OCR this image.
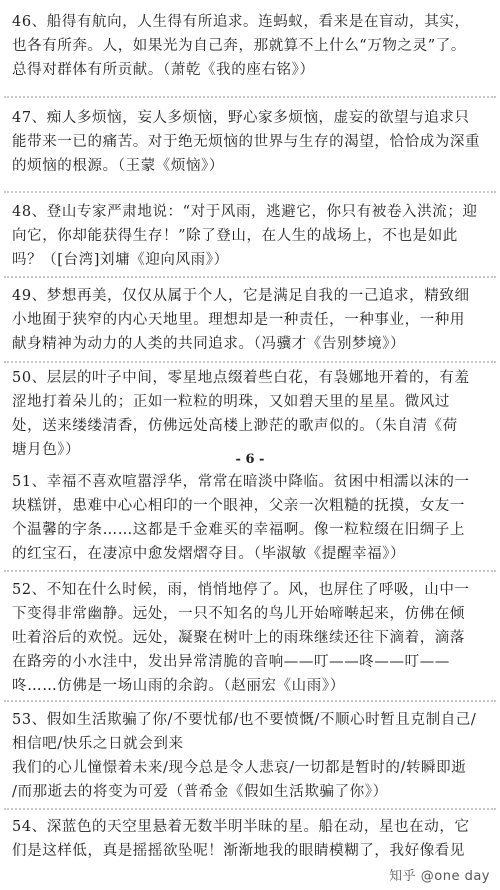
46、船得有航向，人生得有所追求。连蚂蚁，看来是在盲动，其实，
也各有所奔。人，如果光为自己奔，那就算不上什么“万物之灵”了。
总得对群体有所贡献。（萧乾《我的座右铭》）
47、痴人多烦恼，妄人多烦恼，野心家多烦恼，虚妄的欲望与追求只
能带来一已的痛苦。对于绝无烦恼的世界与生存的渴望，恰恰成为深重
的烦恼的根源。（王蒙《烦恼》）
48、登山专家严肃地说：“对于风雨，逃避它，你只有被卷入洪流；迎
向它，你却能获得生存！”除了登山，在人生的战场上，不也是如此
吗？（[台湾]刘墉《迎向风雨》）
49、梦想再美，仅仅从属于个人，它是满足自我的一己追求，精致细
小地囿于狭窄的内心天地里。理想却是一种责任，一种事业，一种用
献身精神为动力的人类的共同追求。（冯骥才《告别梦境》）
50、层层的叶子中间，零星地点缀着些白花，有袅娜地开着的，有羞
涩地打着朵儿的；正如一粒粒的明珠，又如碧天里的星星。微风过
处，送来缕缕清香，仿佛远处高楼上渺茫的歌声似的。（朱自清《荷
塘月色》）
- 6 -
51、幸福不喜欢喧嚣浮华，常常在暗淡中降临。贫困中相濡以沫的一
块糕饼，患难中心心相印的一个眼神，父亲一次粗糙的抚摸，女友一
个温馨的字条……这都是千金难买的幸福啊。像一粒粒缀在旧绸子上
的红宝石，在凄凉中愈发熠熠夺目。（毕淑敏《提醒幸福》）
52、不知在什么时候，雨，悄悄地停了。风，也屏住了呼吸，山中一
下变得非常幽静。远处，一只不知名的鸟儿开始啼啭起来，仿佛在倾
吐着浴后的欢悦。远处，凝聚在树叶上的雨珠继续还往下滴着，滴落
在路旁的小水洼中，发出异常清脆的音响——叮——咚——叮——
咚……仿佛是一场山雨的余韵。（赵丽宏《山雨》）
53、假如生活欺骗了你/不要忧郁/也不要愤慨/不顺心时暂且克制自己/
相信吧/快乐之日就会到来
我们的心儿憧憬着未来/现今总是令人悲哀/一切都是暂时的/转瞬即逝
/而那逝去的将变为可爱（普希金《假如生活欺骗了你》）
54、深蓝色的天空里悬着无数半明半昧的星。船在动，星也在动，它
们是这样低，真是摇摇欲坠呢！渐渐地我的眼睛模糊了，我好像看见
知乎 @one day
